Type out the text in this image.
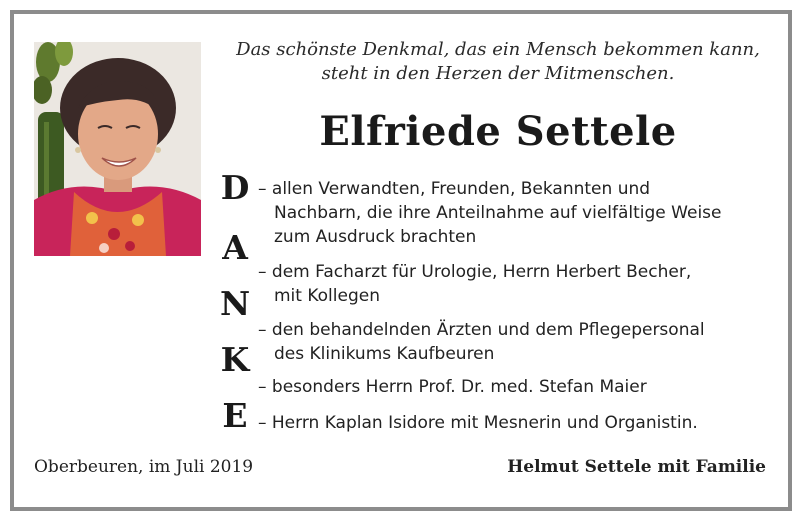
Das schönste Denkmal, das ein Mensch bekommen kann,
steht in den Herzen der Mitmenschen.
Elfriede Settele
D
A
N
K
E
– allen Verwandten, Freunden, Bekannten und
Nachbarn, die ihre Anteilnahme auf vielfältige Weise
zum Ausdruck brachten
– dem Facharzt für Urologie, Herrn Herbert Becher,
mit Kollegen
– den behandelnden Ärzten und dem Pflegepersonal
des Klinikums Kaufbeuren
– besonders Herrn Prof. Dr. med. Stefan Maier
– Herrn Kaplan Isidore mit Mesnerin und Organistin.
Oberbeuren, im Juli 2019	Helmut Settele mit Familie
